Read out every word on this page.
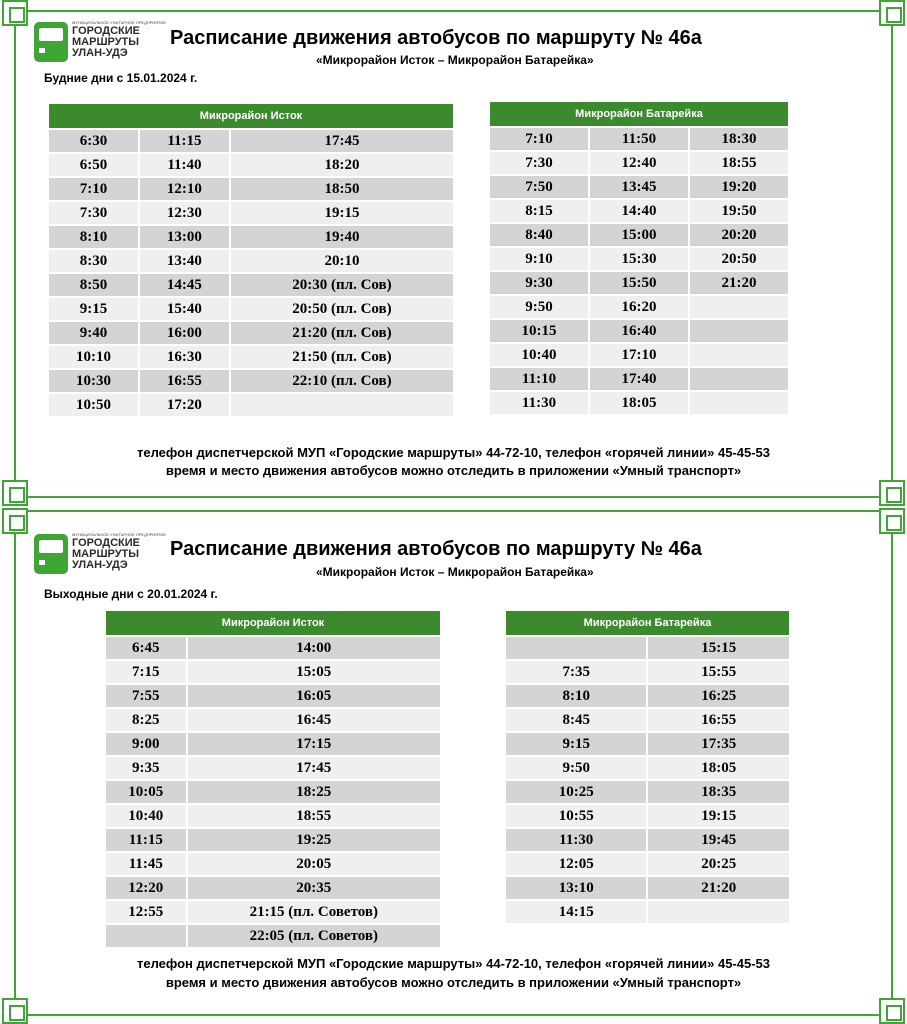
МУНИЦИПАЛЬНОЕ УНИТАРНОЕ ПРЕДПРИЯТИЕ
ГОРОДСКИЕ
МАРШРУТЫ
УЛАН-УДЭ
Расписание движения автобусов по маршруту № 46а
«Микрорайон Исток – Микрорайон Батарейка»
Будние дни с 15.01.2024 г.
Микрорайон Исток		
6:30	11:15	17:45
6:50	11:40	18:20
7:10	12:10	18:50
7:30	12:30	19:15
8:10	13:00	19:40
8:30	13:40	20:10
8:50	14:45	20:30 (пл. Сов)
9:15	15:40	20:50 (пл. Сов)
9:40	16:00	21:20 (пл. Сов)
10:10	16:30	21:50 (пл. Сов)
10:30	16:55	22:10 (пл. Сов)
10:50	17:20	
Микрорайон Батарейка		
7:10	11:50	18:30
7:30	12:40	18:55
7:50	13:45	19:20
8:15	14:40	19:50
8:40	15:00	20:20
9:10	15:30	20:50
9:30	15:50	21:20
9:50	16:20	
10:15	16:40	
10:40	17:10	
11:10	17:40	
11:30	18:05	
телефон диспетчерской МУП «Городские маршруты» 44-72-10, телефон «горячей линии» 45-45-53
время и место движения автобусов можно отследить в приложении «Умный транспорт»
МУНИЦИПАЛЬНОЕ УНИТАРНОЕ ПРЕДПРИЯТИЕ
ГОРОДСКИЕ
МАРШРУТЫ
УЛАН-УДЭ
Расписание движения автобусов по маршруту № 46а
«Микрорайон Исток – Микрорайон Батарейка»
Выходные дни с 20.01.2024 г.
Микрорайон Исток	
6:45	14:00
7:15	15:05
7:55	16:05
8:25	16:45
9:00	17:15
9:35	17:45
10:05	18:25
10:40	18:55
11:15	19:25
11:45	20:05
12:20	20:35
12:55	21:15 (пл. Советов)
	22:05 (пл. Советов)
Микрорайон Батарейка	
	15:15
7:35	15:55
8:10	16:25
8:45	16:55
9:15	17:35
9:50	18:05
10:25	18:35
10:55	19:15
11:30	19:45
12:05	20:25
13:10	21:20
14:15	
телефон диспетчерской МУП «Городские маршруты» 44-72-10, телефон «горячей линии» 45-45-53
время и место движения автобусов можно отследить в приложении «Умный транспорт»
